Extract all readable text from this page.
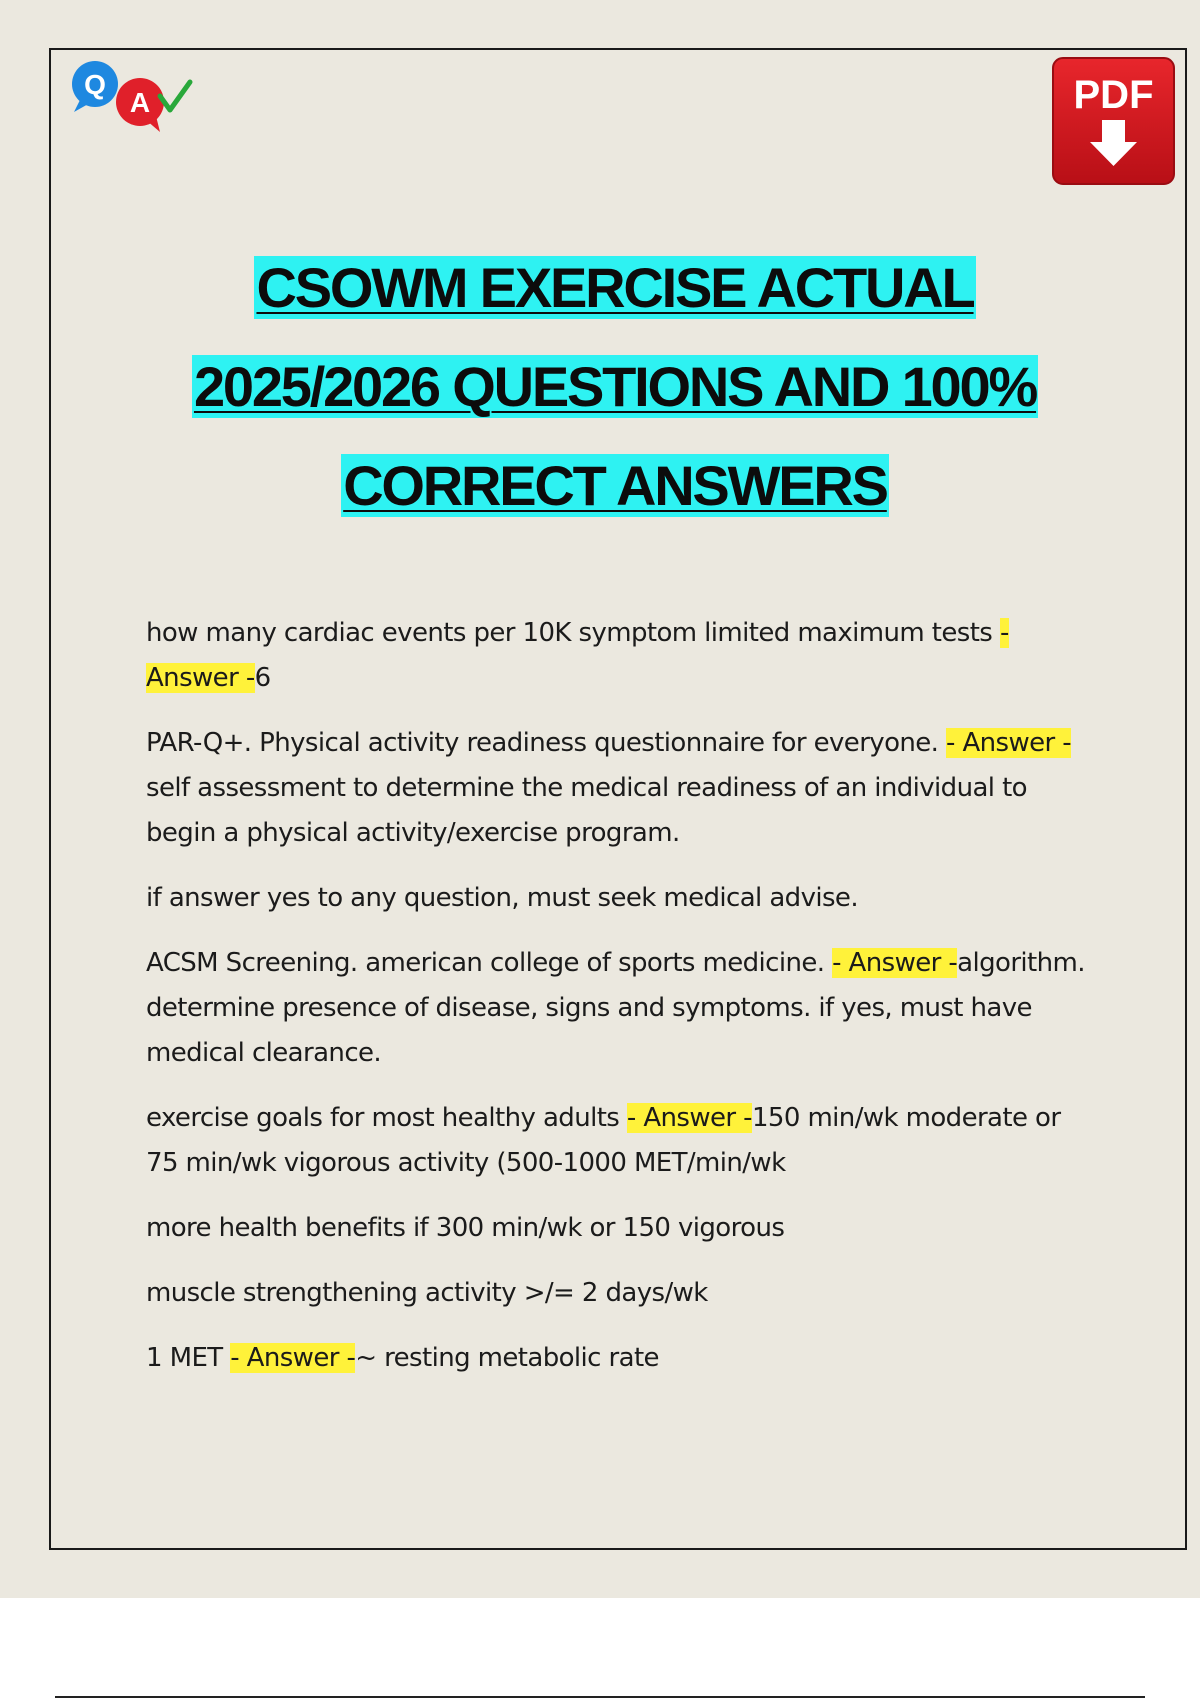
Q
A	PDF
CSOWM EXERCISE ACTUAL
2025/2026 QUESTIONS AND 100%
CORRECT ANSWERS

how many cardiac events per 10K symptom limited maximum tests - Answer -6

PAR-Q+. Physical activity readiness questionnaire for everyone. - Answer -self assessment to determine the medical readiness of an individual to begin a physical activity/exercise program.

if answer yes to any question, must seek medical advise.

ACSM Screening. american college of sports medicine. - Answer -algorithm. determine presence of disease, signs and symptoms. if yes, must have medical clearance.

exercise goals for most healthy adults - Answer -150 min/wk moderate or 75 min/wk vigorous activity (500-1000 MET/min/wk

more health benefits if 300 min/wk or 150 vigorous

muscle strengthening activity >/= 2 days/wk

1 MET - Answer -~ resting metabolic rate
